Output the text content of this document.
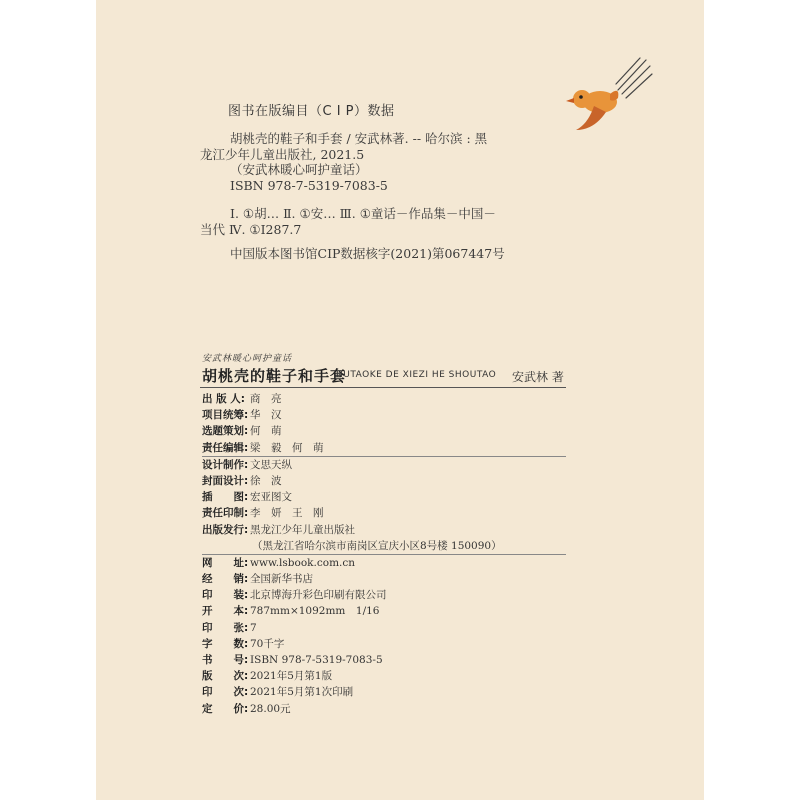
图书在版编目（C I P）数据
胡桃壳的鞋子和手套 / 安武林著. -- 哈尔滨 : 黑
龙江少年儿童出版社, 2021.5
（安武林暖心呵护童话）
ISBN 978-7-5319-7083-5
Ⅰ. ①胡… Ⅱ. ①安… Ⅲ. ①童话－作品集－中国－
当代 Ⅳ. ①I287.7
中国版本图书馆CIP数据核字(2021)第067447号
安武林暖心呵护童话
胡桃壳的鞋子和手套
HUTAOKE DE XIEZI HE SHOUTAO 安武林 著
出 版 人: 商　亮
项目统筹: 华　汉
选题策划: 何　萌
责任编辑: 梁　毅　何　萌
设计制作: 文思天纵
封面设计: 徐　波
插　　图: 宏亚图文
责任印制: 李　妍　王　刚
出版发行: 黑龙江少年儿童出版社
（黑龙江省哈尔滨市南岗区宣庆小区8号楼 150090）
网　　址: www.lsbook.com.cn
经　　销: 全国新华书店
印　　装: 北京博海升彩色印刷有限公司
开　　本: 787mm×1092mm　1/16
印　　张: 7
字　　数: 70千字
书　　号: ISBN 978-7-5319-7083-5
版　　次: 2021年5月第1版
印　　次: 2021年5月第1次印刷
定　　价: 28.00元
